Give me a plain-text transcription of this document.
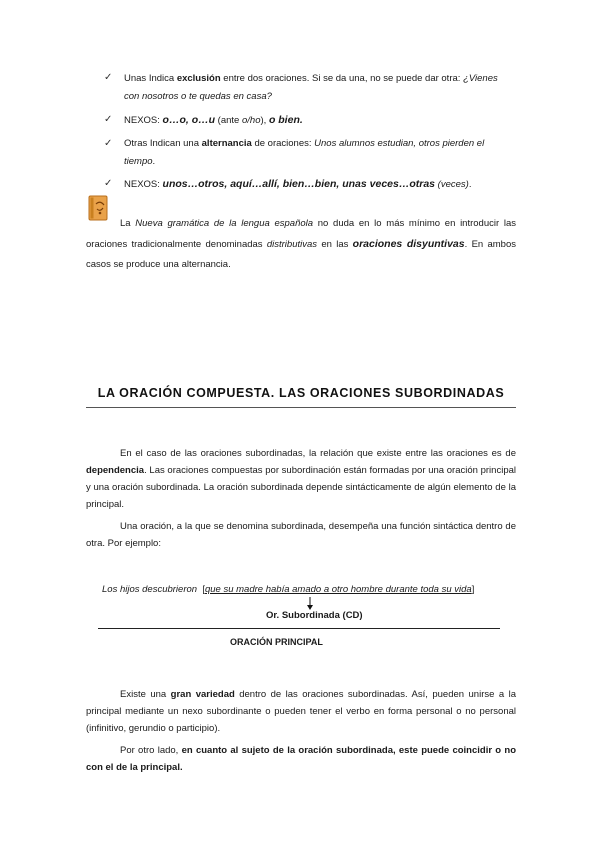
✓ Unas Indica exclusión entre dos oraciones. Si se da una, no se puede dar otra: ¿Vienes
con nosotros o te quedas en casa?
✓ NEXOS: o…o, o…u (ante o/ho), o bien.
✓ Otras Indican una alternancia de oraciones: Unos alumnos estudian, otros pierden el
tiempo.
✓ NEXOS: unos…otros, aquí…allí, bien…bien, unas veces…otras (veces).
La Nueva gramática de la lengua española no duda en lo más mínimo en introducir las oraciones tradicionalmente denominadas distributivas en las oraciones disyuntivas. En ambos casos se produce una alternancia.
LA ORACIÓN COMPUESTA. LAS ORACIONES SUBORDINADAS
En el caso de las oraciones subordinadas, la relación que existe entre las oraciones es de dependencia. Las oraciones compuestas por subordinación están formadas por una oración principal y una oración subordinada. La oración subordinada depende sintácticamente de algún elemento de la principal.
Una oración, a la que se denomina subordinada, desempeña una función sintáctica dentro de otra. Por ejemplo:
Los hijos descubrieron  [que su madre había amado a otro hombre durante toda su vida]
Or. Subordinada (CD)
ORACIÓN PRINCIPAL
Existe una gran variedad dentro de las oraciones subordinadas. Así, pueden unirse a la principal mediante un nexo subordinante o pueden tener el verbo en forma personal o no personal (infinitivo, gerundio o participio).
Por otro lado, en cuanto al sujeto de la oración subordinada, este puede coincidir o no con el de la principal.
